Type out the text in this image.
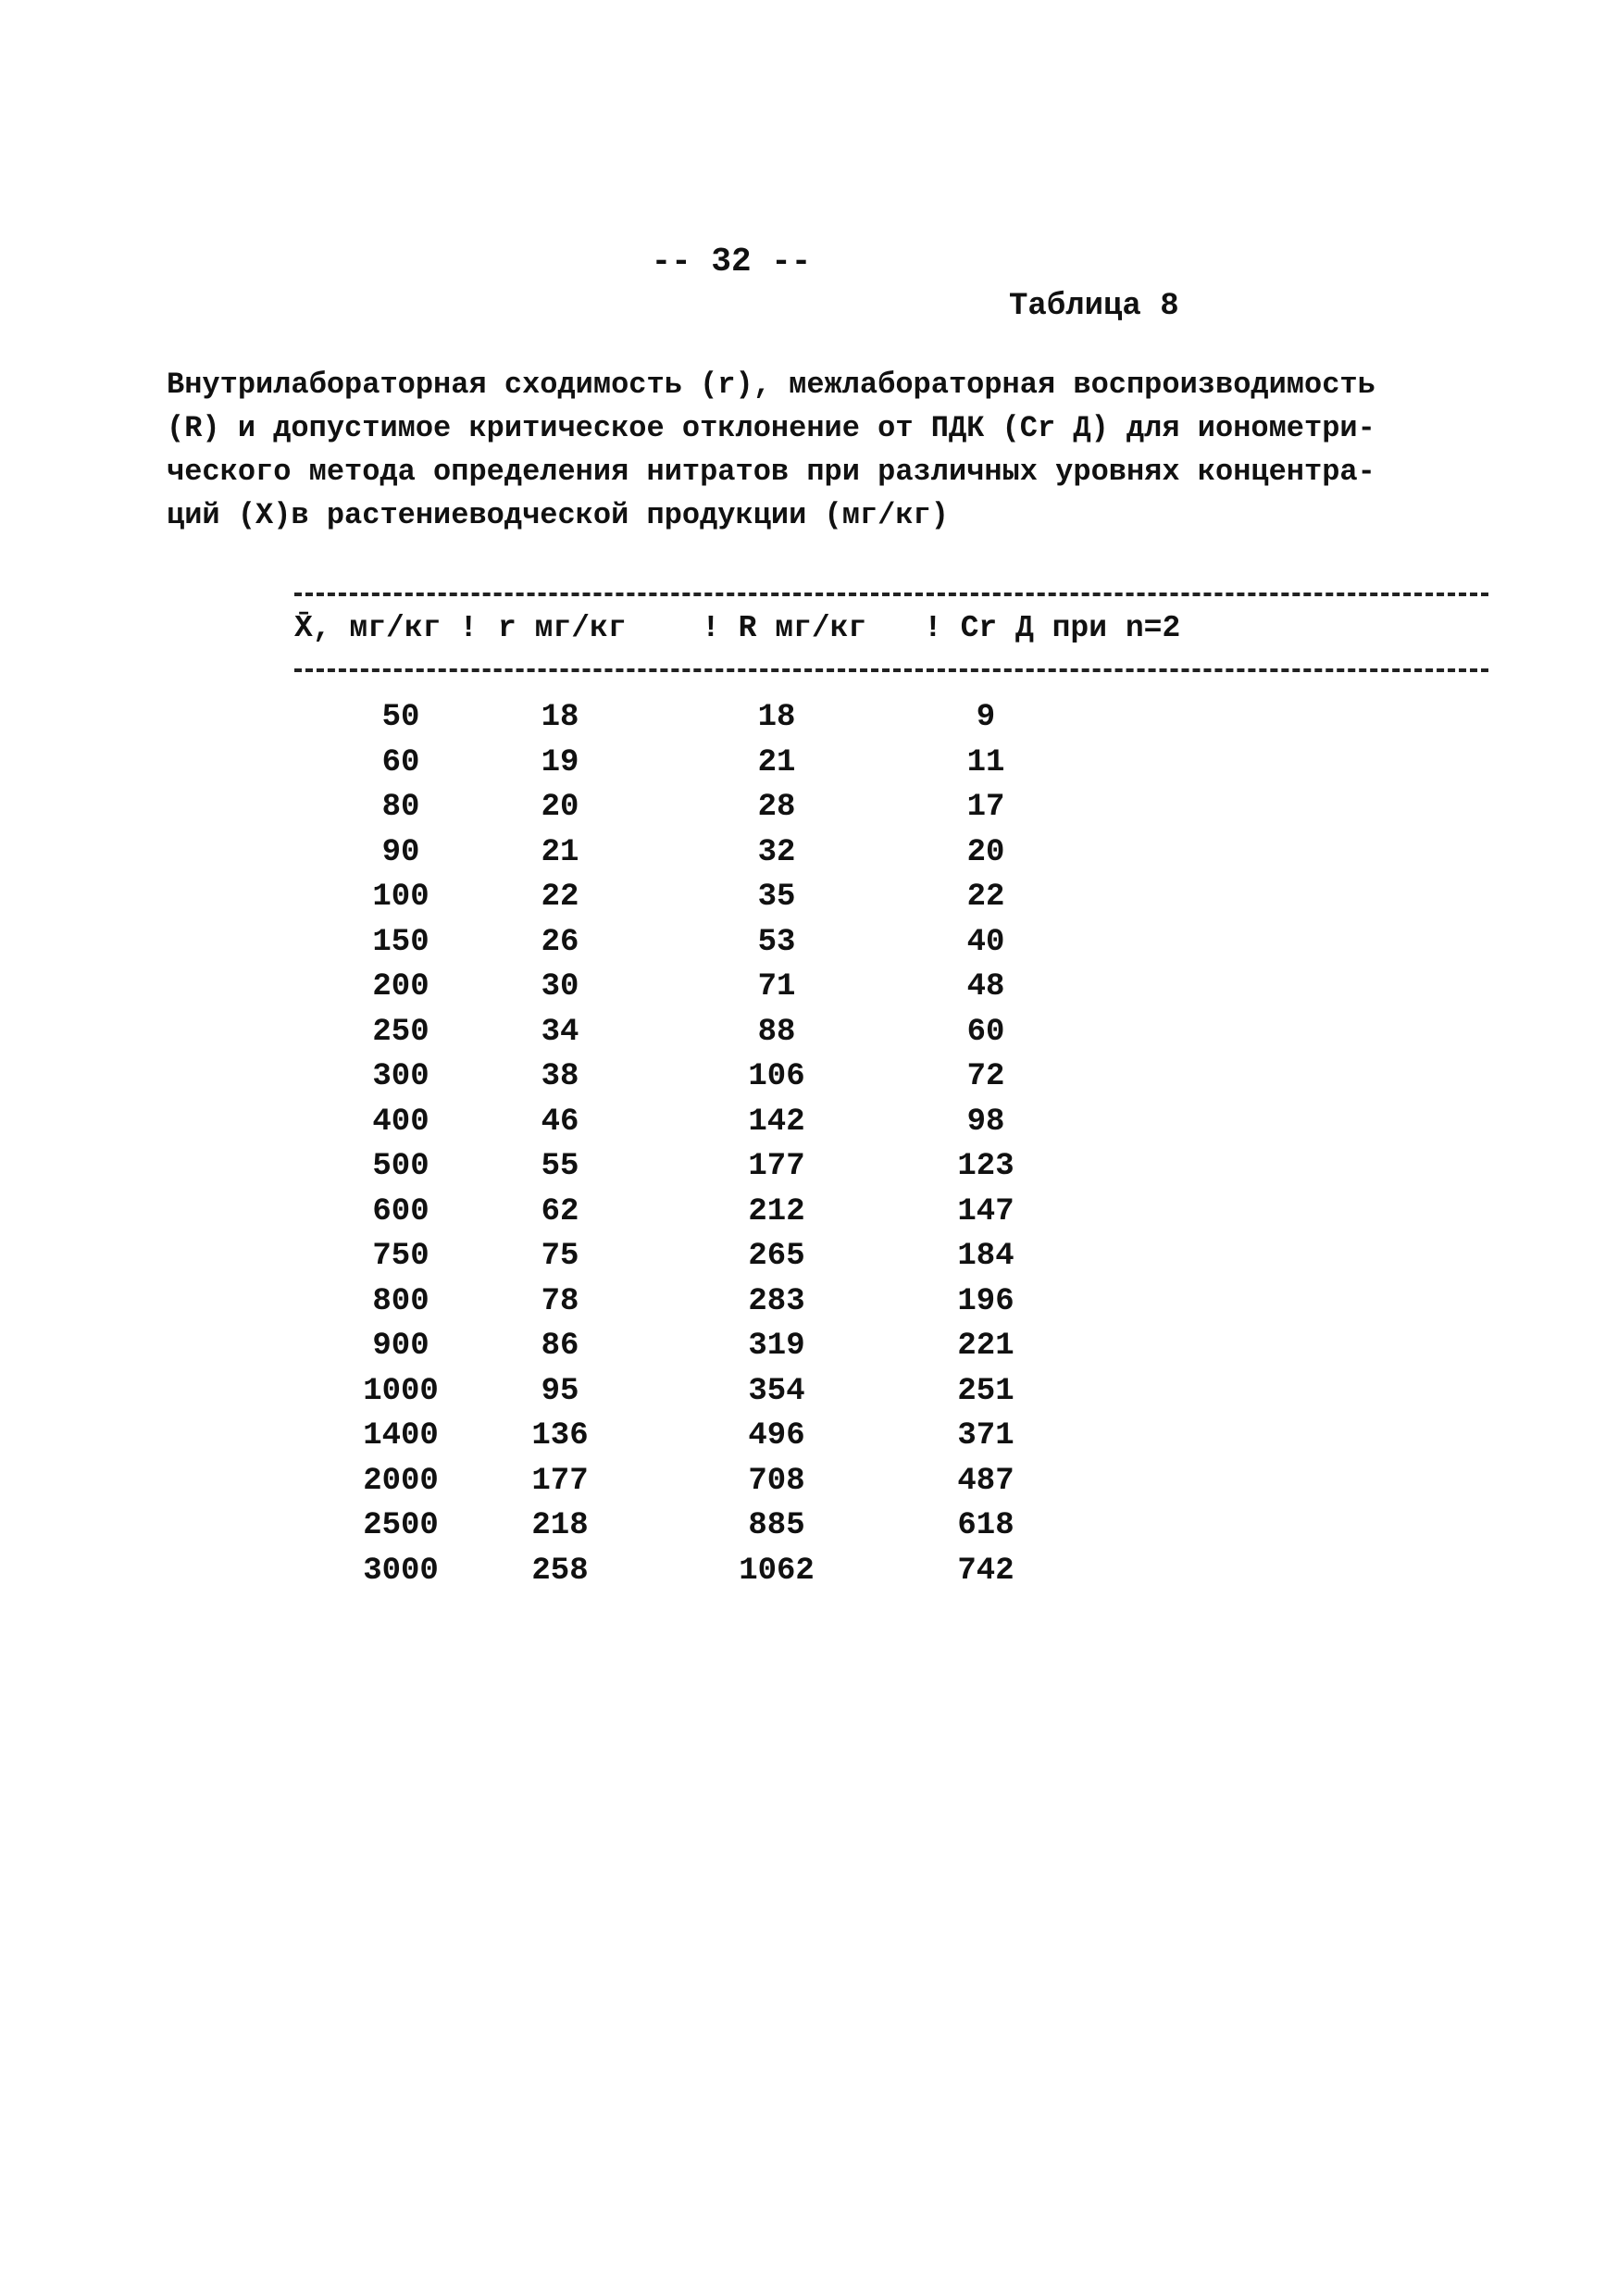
-- 32 --
Таблица 8
Внутрилабораторная сходимость (r), межлабораторная воспроизводимость
(R) и допустимое критическое отклонение от ПДК (Cr Д) для ионометри-
ческого метода определения нитратов при различных уровнях концентра-
ций (X)в растениеводческой продукции (мг/кг)
X̄, мг/кг ! r мг/кг ! R мг/кг ! Cr Д при n=2
50	18	18	9
60	19	21	11
80	20	28	17
90	21	32	20
100	22	35	22
150	26	53	40
200	30	71	48
250	34	88	60
300	38	106	72
400	46	142	98
500	55	177	123
600	62	212	147
750	75	265	184
800	78	283	196
900	86	319	221
1000	95	354	251
1400	136	496	371
2000	177	708	487
2500	218	885	618
3000	258	1062	742
